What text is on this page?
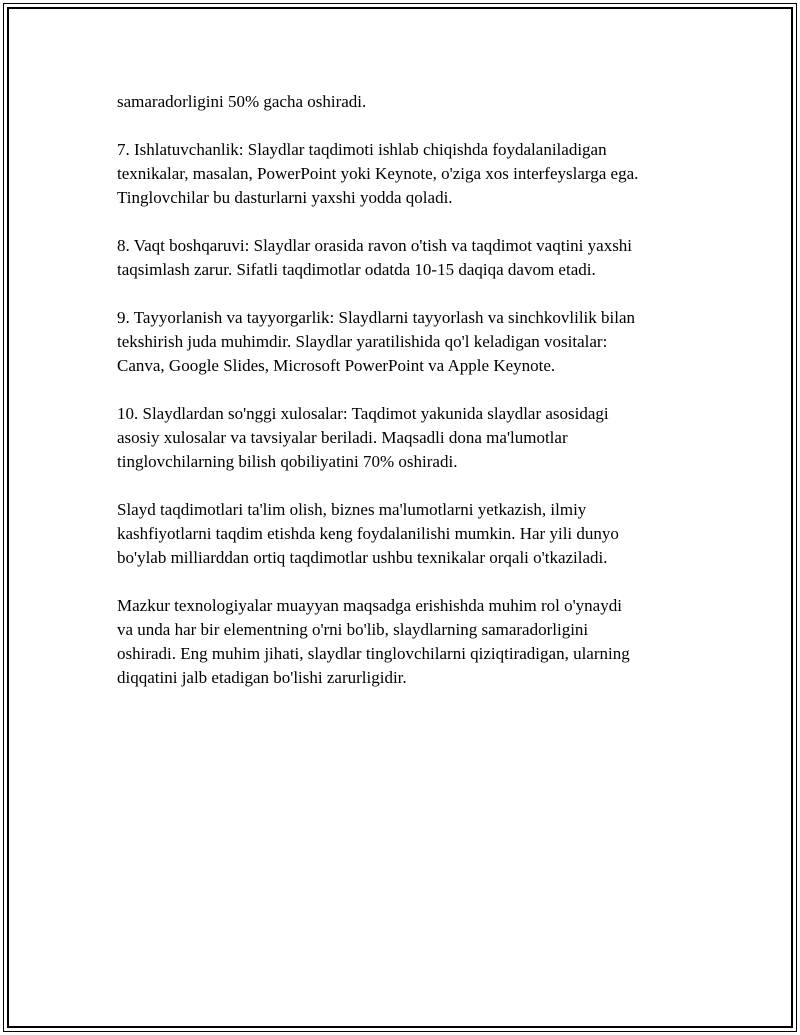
samaradorligini 50% gacha oshiradi.

7. Ishlatuvchanlik: Slaydlar taqdimoti ishlab chiqishda foydalaniladigan
texnikalar, masalan, PowerPoint yoki Keynote, o'ziga xos interfeyslarga ega.
Tinglovchilar bu dasturlarni yaxshi yodda qoladi.

8. Vaqt boshqaruvi: Slaydlar orasida ravon o'tish va taqdimot vaqtini yaxshi
taqsimlash zarur. Sifatli taqdimotlar odatda 10-15 daqiqa davom etadi.

9. Tayyorlanish va tayyorgarlik: Slaydlarni tayyorlash va sinchkovlilik bilan
tekshirish juda muhimdir. Slaydlar yaratilishida qo'l keladigan vositalar:
Canva, Google Slides, Microsoft PowerPoint va Apple Keynote.

10. Slaydlardan so'nggi xulosalar: Taqdimot yakunida slaydlar asosidagi
asosiy xulosalar va tavsiyalar beriladi. Maqsadli dona ma'lumotlar
tinglovchilarning bilish qobiliyatini 70% oshiradi.

Slayd taqdimotlari ta'lim olish, biznes ma'lumotlarni yetkazish, ilmiy
kashfiyotlarni taqdim etishda keng foydalanilishi mumkin. Har yili dunyo
bo'ylab milliarddan ortiq taqdimotlar ushbu texnikalar orqali o'tkaziladi.

Mazkur texnologiyalar muayyan maqsadga erishishda muhim rol o'ynaydi
va unda har bir elementning o'rni bo'lib, slaydlarning samaradorligini
oshiradi. Eng muhim jihati, slaydlar tinglovchilarni qiziqtiradigan, ularning
diqqatini jalb etadigan bo'lishi zarurligidir.
